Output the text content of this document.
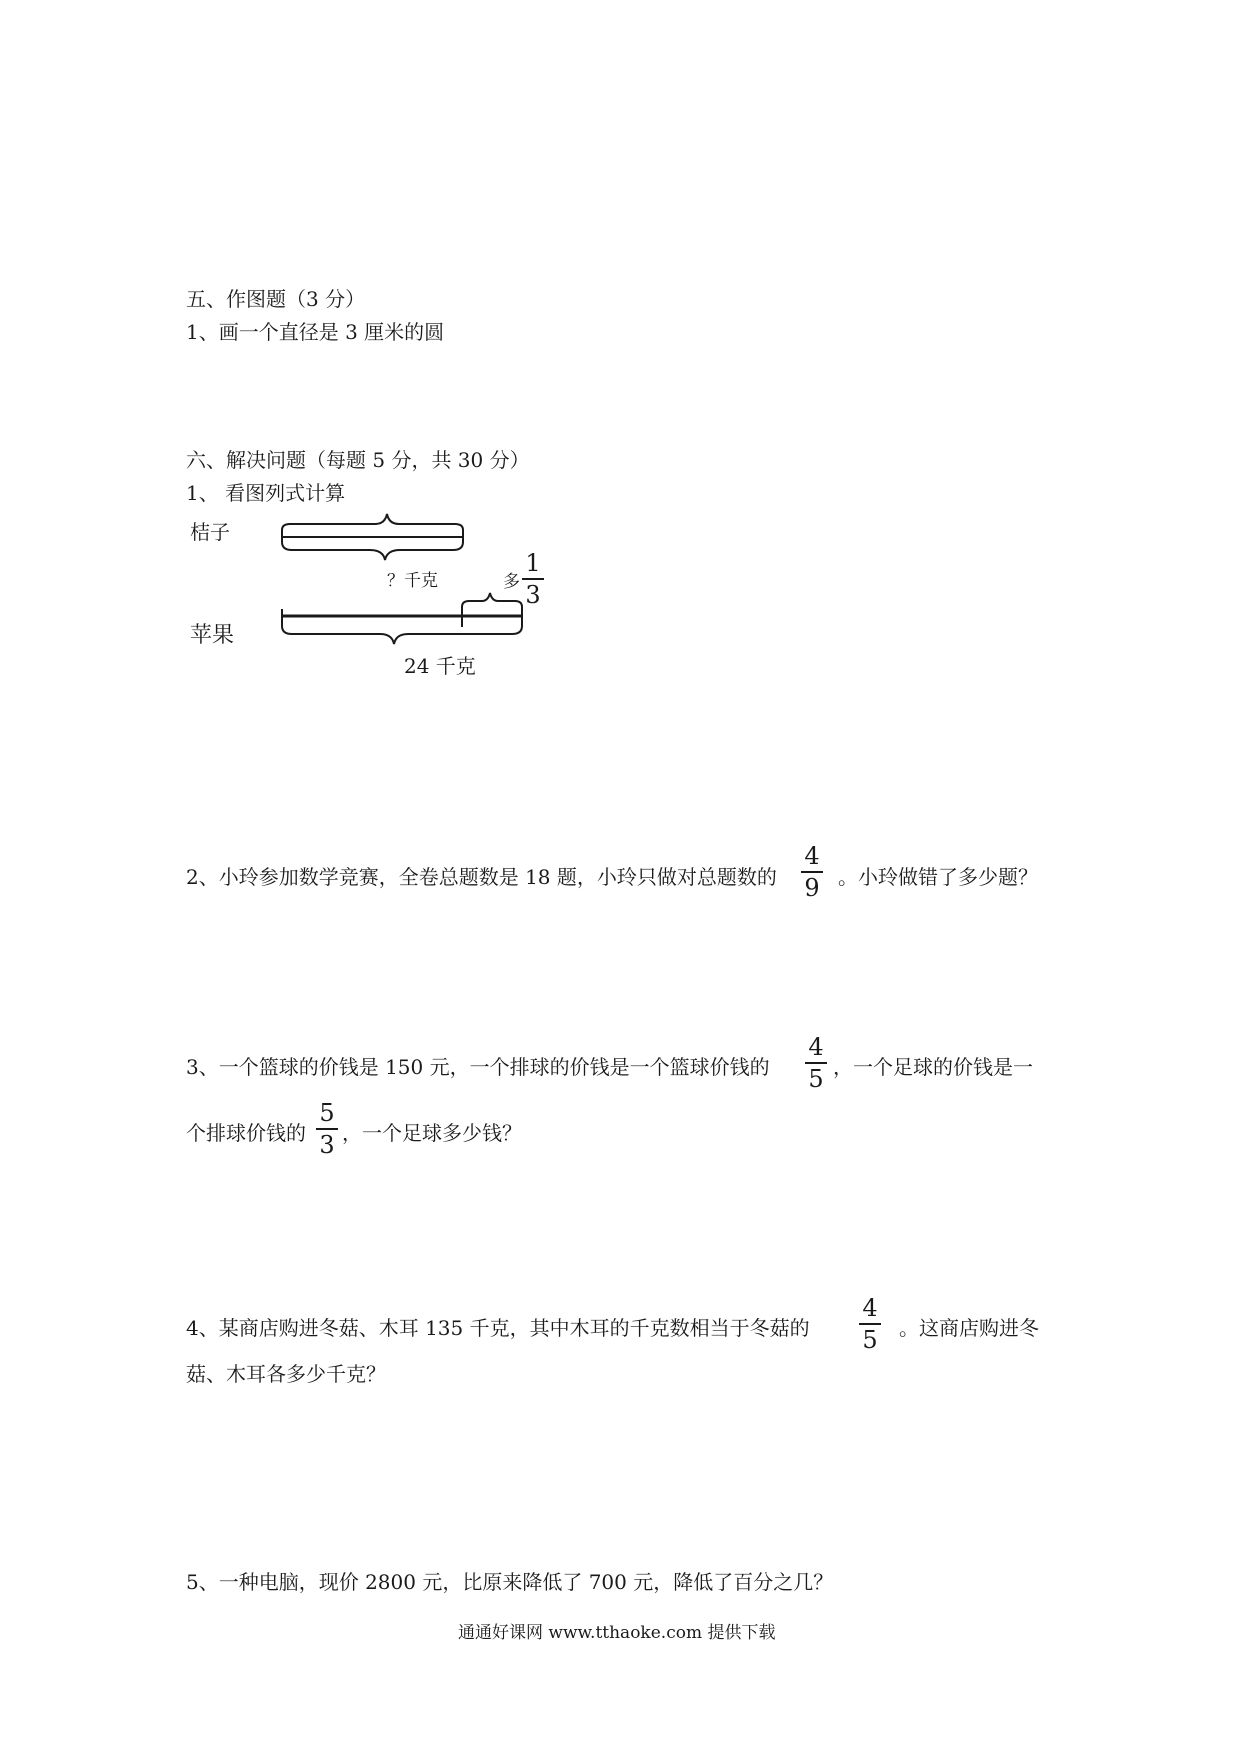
五、作图题（3 分）
1、画一个直径是 3 厘米的圆
六、解决问题（每题 5 分，共 30 分）
1、 看图列式计算
桔子
苹果
？千克	多
1
3
24 千克
2、小玲参加数学竞赛，全卷总题数是 18 题，小玲只做对总题数的
4
9 。小玲做错了多少题？
3、一个篮球的价钱是 150 元，一个排球的价钱是一个篮球价钱的
4
5 ，一个足球的价钱是一
个排球价钱的
5
3 ，一个足球多少钱？
4、某商店购进冬菇、木耳 135 千克，其中木耳的千克数相当于冬菇的
4
5 。这商店购进冬
菇、木耳各多少千克？
5、一种电脑，现价 2800 元，比原来降低了 700 元，降低了百分之几？
通通好课网 www.tthaoke.com 提供下载
